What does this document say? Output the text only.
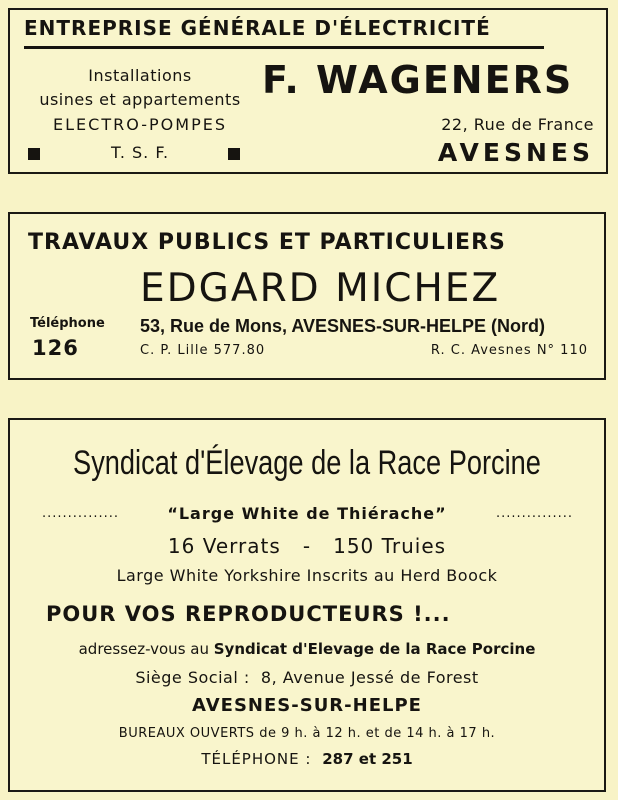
ENTREPRISE GÉNÉRALE D'ÉLECTRICITÉ
Installations
usines et appartements
ELECTRO-POMPES
T. S. F.
F. WAGENERS
22, Rue de France
AVESNES
TRAVAUX PUBLICS ET PARTICULIERS
EDGARD MICHEZ
Téléphone
126
53, Rue de Mons, AVESNES-SUR-HELPE (Nord)
C. P. Lille 577.80	R. C. Avesnes N° 110
Syndicat d'Élevage de la Race Porcine
...............	“Large White de Thiérache”	...............
16 Verrats   -   150 Truies
Large White Yorkshire Inscrits au Herd Boock
POUR VOS REPRODUCTEURS !...
adressez-vous au Syndicat d'Elevage de la Race Porcine
Siège Social :  8, Avenue Jessé de Forest
AVESNES-SUR-HELPE
BUREAUX OUVERTS de 9 h. à 12 h. et de 14 h. à 17 h.
TÉLÉPHONE : 287 et 251
